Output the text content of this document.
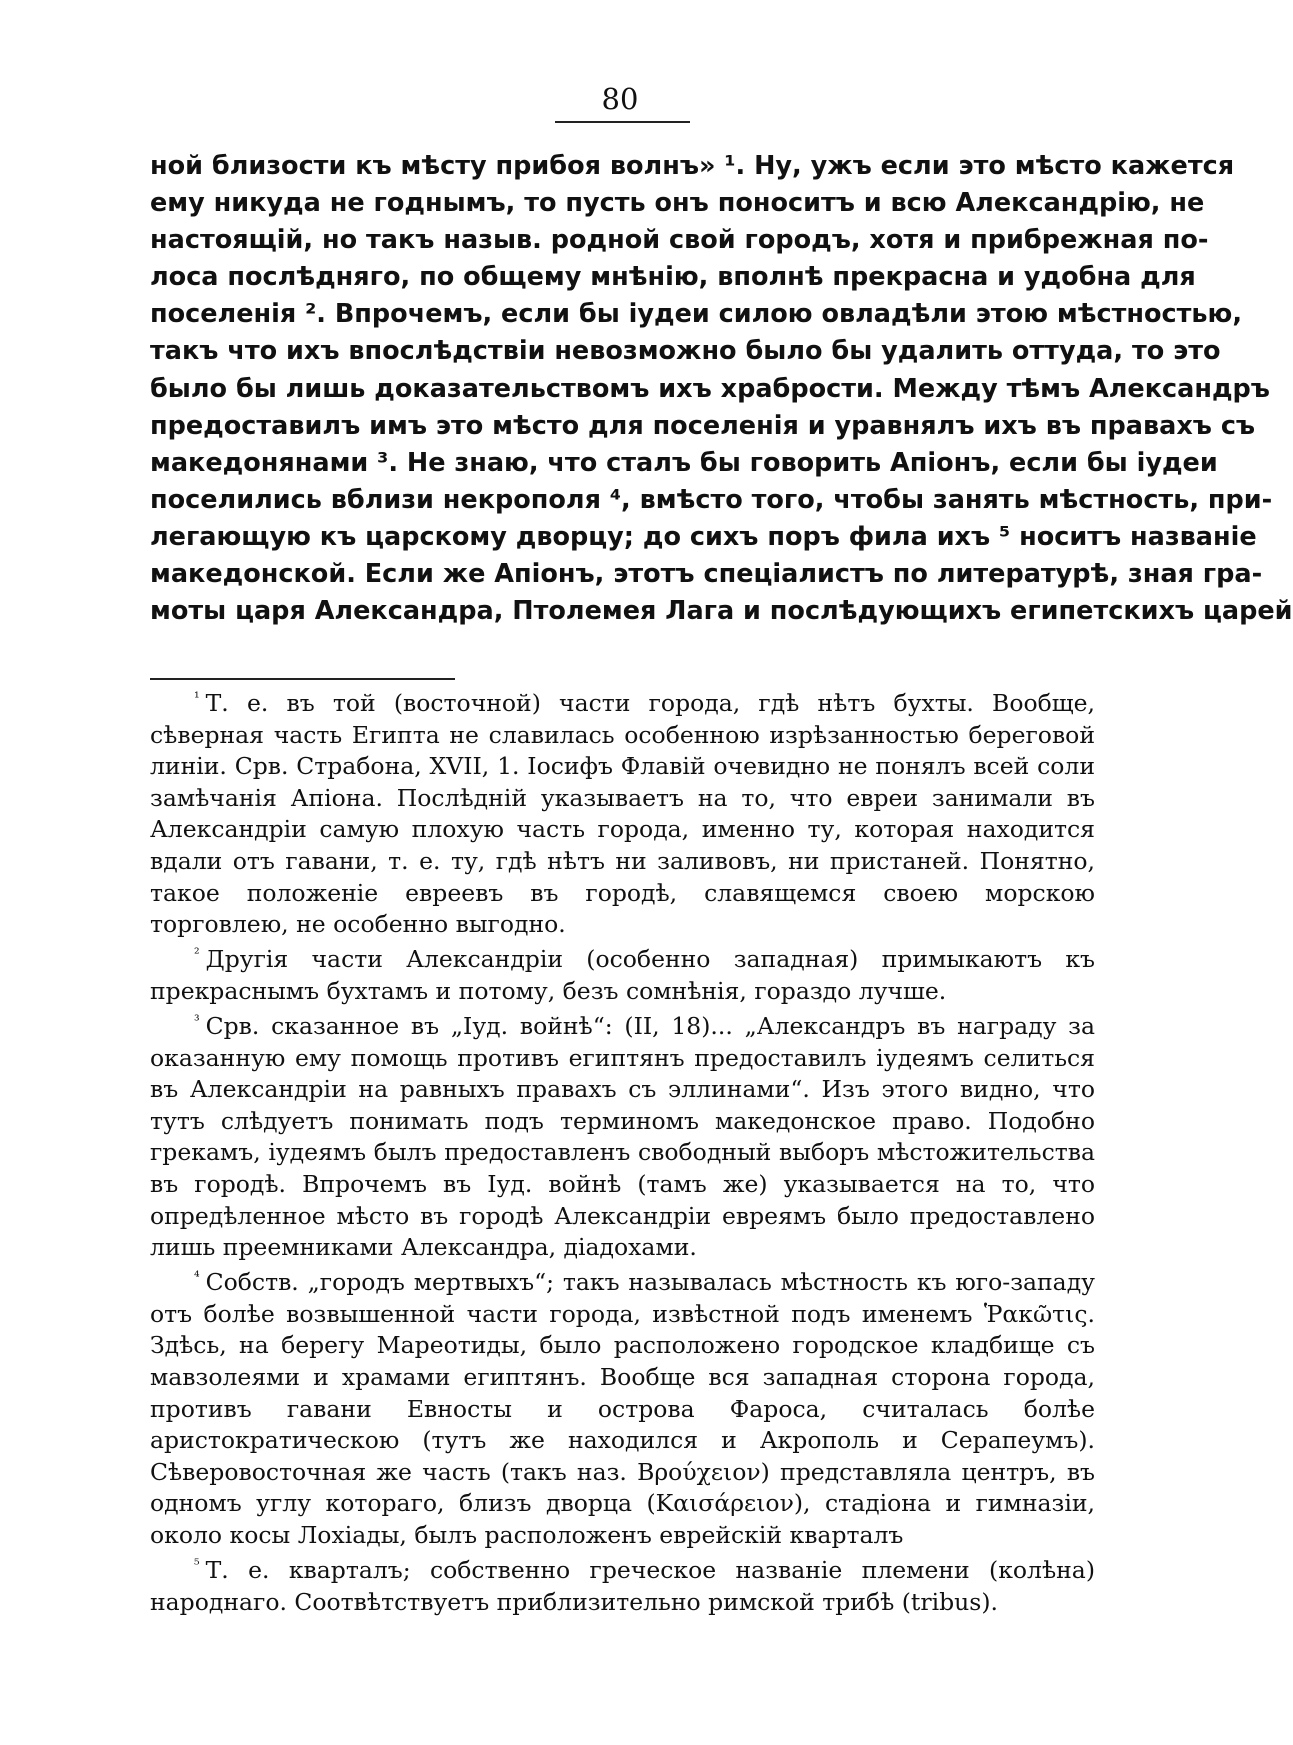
80
ной близости къ мѣсту прибоя волнъ» ¹. Ну, ужъ если это мѣсто кажется
ему никуда не годнымъ, то пусть онъ поноситъ и всю Александрію, не
настоящій, но такъ назыв. родной свой городъ, хотя и прибрежная по-
лоса послѣдняго, по общему мнѣнію, вполнѣ прекрасна и удобна для
поселенія ². Впрочемъ, если бы іудеи силою овладѣли этою мѣстностью,
такъ что ихъ впослѣдствіи невозможно было бы удалить оттуда, то это
было бы лишь доказательствомъ ихъ храбрости. Между тѣмъ Александръ
предоставилъ имъ это мѣсто для поселенія и уравнялъ ихъ въ правахъ съ
македонянами ³. Не знаю, что сталъ бы говорить Апіонъ, если бы іудеи
поселились вблизи некрополя ⁴, вмѣсто того, чтобы занять мѣстность, при-
легающую къ царскому дворцу; до сихъ поръ фила ихъ ⁵ носитъ названіе
македонской. Если же Апіонъ, этотъ спеціалистъ по литературѣ, зная гра-
моты царя Александра, Птолемея Лага и послѣдующихъ египетскихъ царей

$^{^1}$ Т. е. въ той (восточной) части города, гдѣ нѣтъ бухты. Вообще, сѣверная часть Египта не славилась особенною изрѣзанностью береговой линіи. Срв. Страбона, XVII, 1. Іосифъ Флавій очевидно не понялъ всей соли замѣчанія Апіона. Послѣдній указываетъ на то, что евреи занимали въ Александріи самую плохую часть города, именно ту, которая находится вдали отъ гавани, т. е. ту, гдѣ нѣтъ ни заливовъ, ни пристаней. Понятно, такое положеніе евреевъ въ городѣ, славящемся своею морскою торговлею, не особенно выгодно.

$^{^2}$ Другія части Александріи (особенно западная) примыкаютъ къ прекраснымъ бухтамъ и потому, безъ сомнѣнія, гораздо лучше.

$^{^3}$ Срв. сказанное въ „Іуд. войнѣ“: (II, 18)... „Александръ въ награду за оказанную ему помощь противъ египтянъ предоставилъ іудеямъ селиться въ Александріи на равныхъ правахъ съ эллинами“. Изъ этого видно, что тутъ слѣдуетъ понимать подъ терминомъ македонское право. Подобно грекамъ, іудеямъ былъ предоставленъ свободный выборъ мѣстожительства въ городѣ. Впрочемъ въ Іуд. войнѣ (тамъ же) указывается на то, что опредѣленное мѣсто въ городѣ Александріи евреямъ было предоставлено лишь преемниками Александра, діадохами.

$^{^4}$ Собств. „городъ мертвыхъ“; такъ называлась мѣстность къ юго-западу отъ болѣе возвышенной части города, извѣстной подъ именемъ Ῥακῶτις. Здѣсь, на берегу Мареотиды, было расположено городское кладбище съ мавзолеями и храмами египтянъ. Вообще вся западная сторона города, противъ гавани Евносты и острова Фароса, считалась болѣе аристократическою (тутъ же находился и Акрополь и Серапеумъ). Сѣверовосточная же часть (такъ наз. Βρούχειον) представляла центръ, въ одномъ углу котораго, близъ дворца (Καισάρειον), стадіона и гимназіи, около косы Лохіады, былъ расположенъ еврейскій кварталъ

$^{^5}$ Т. е. кварталъ; собственно греческое названіе племени (колѣна) народнаго. Соотвѣтствуетъ приблизительно римской трибѣ (tribus).
